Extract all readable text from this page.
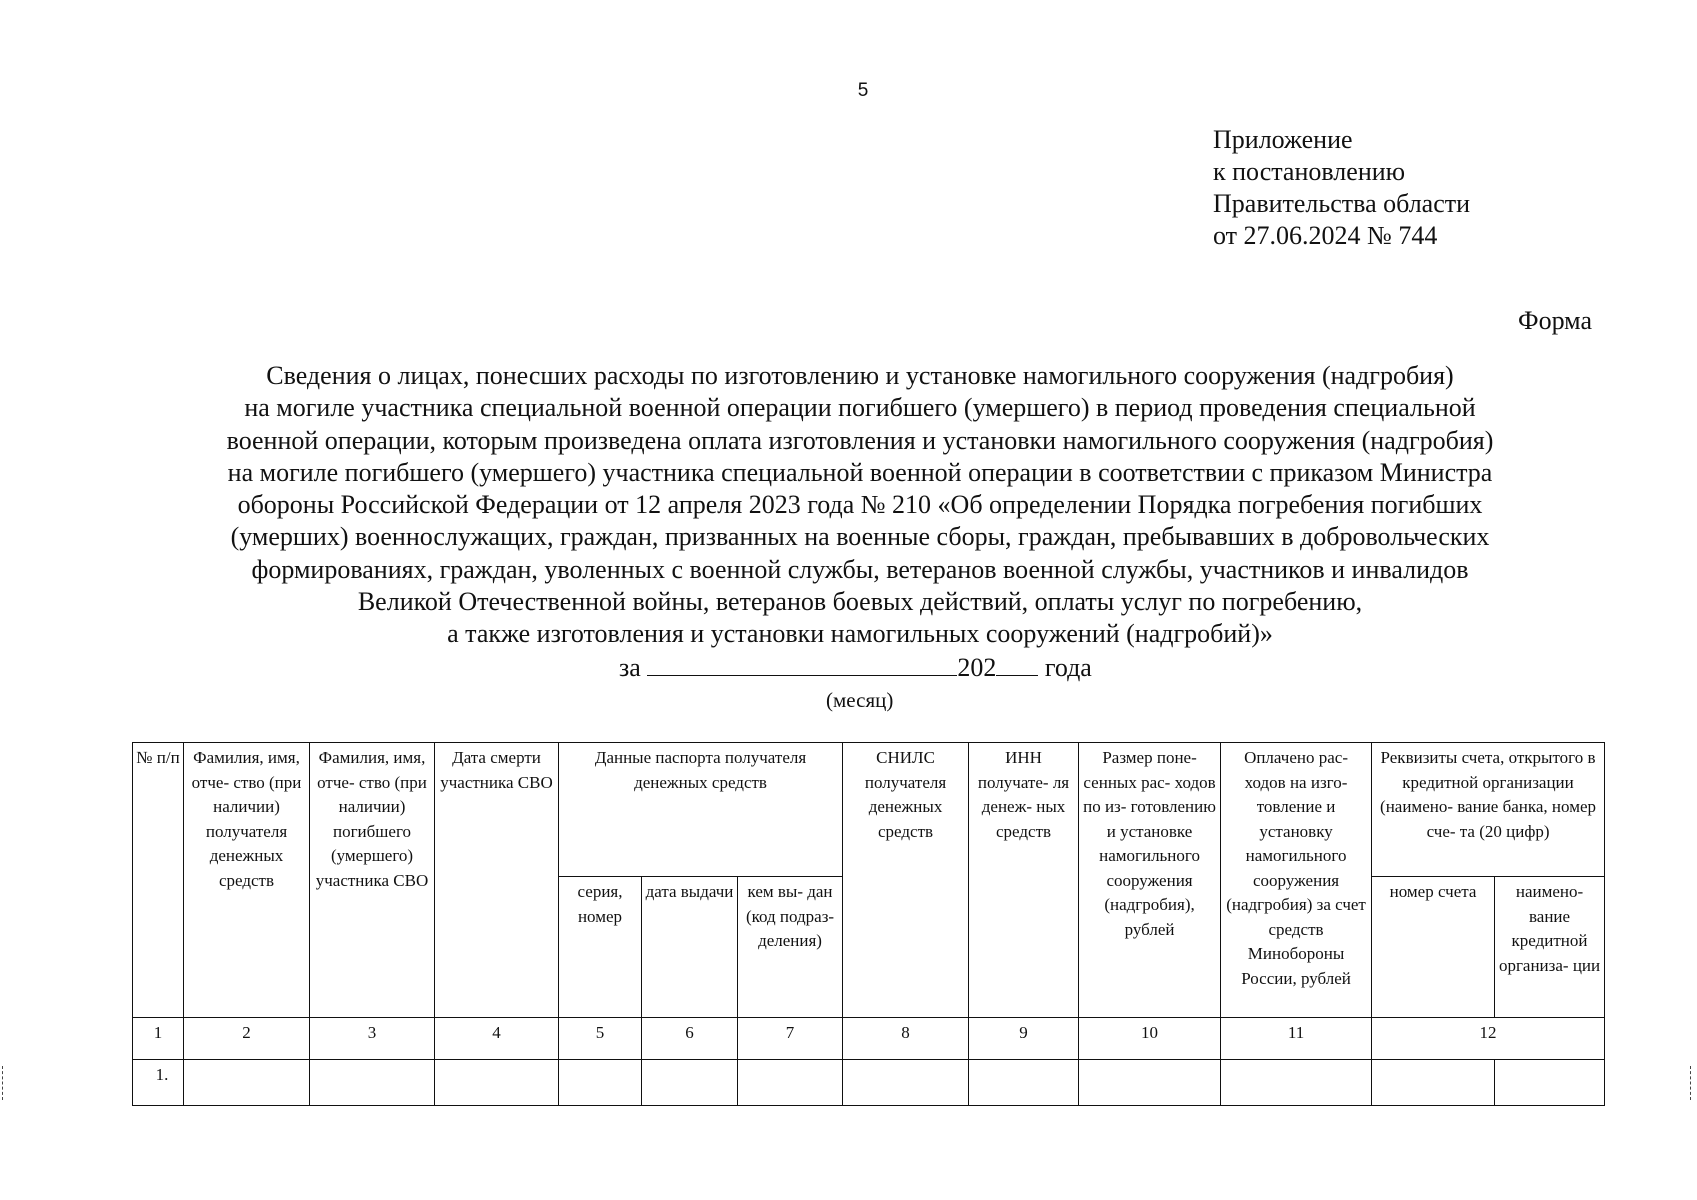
5
Приложение
к постановлению
Правительства области
от 27.06.2024 № 744
Форма
Сведения о лицах, понесших расходы по изготовлению и установке намогильного сооружения (надгробия)
на могиле участника специальной военной операции погибшего (умершего) в период проведения специальной
военной операции, которым произведена оплата изготовления и установки намогильного сооружения (надгробия)
на могиле погибшего (умершего) участника специальной военной операции в соответствии с приказом Министра
обороны Российской Федерации от 12 апреля 2023 года № 210 «Об определении Порядка погребения погибших
(умерших) военнослужащих, граждан, призванных на военные сборы, граждан, пребывавших в добровольческих
формированиях, граждан, уволенных с военной службы, ветеранов военной службы, участников и инвалидов
Великой Отечественной войны, ветеранов боевых действий, оплаты услуг по погребению,
а также изготовления и установки намогильных сооружений (надгробий)»
за	202 года
(месяц)
№ п/п	Фамилия, имя, отче- ство (при наличии) получателя денежных средств	Фамилия, имя, отче- ство (при наличии) погибшего (умершего) участника СВО	Дата смерти участника СВО	Данные паспорта получателя денежных средств			СНИЛС получателя денежных средств	ИНН получате- ля денеж- ных средств	Размер поне- сенных рас- ходов по из- готовлению и установке намогильного сооружения (надгробия), рублей	Оплачено рас- ходов на изго- товление и установку намогильного сооружения (надгробия) за счет средств Минобороны России, рублей	Реквизиты счета, открытого в кредитной организации (наимено- вание банка, номер сче- та (20 цифр)	
				серия, номер	дата выдачи	кем вы- дан (код подраз- деления)					номер счета	наимено- вание кредитной организа- ции
1	2	3	4	5	6	7	8	9	10	11	12	
1.												
